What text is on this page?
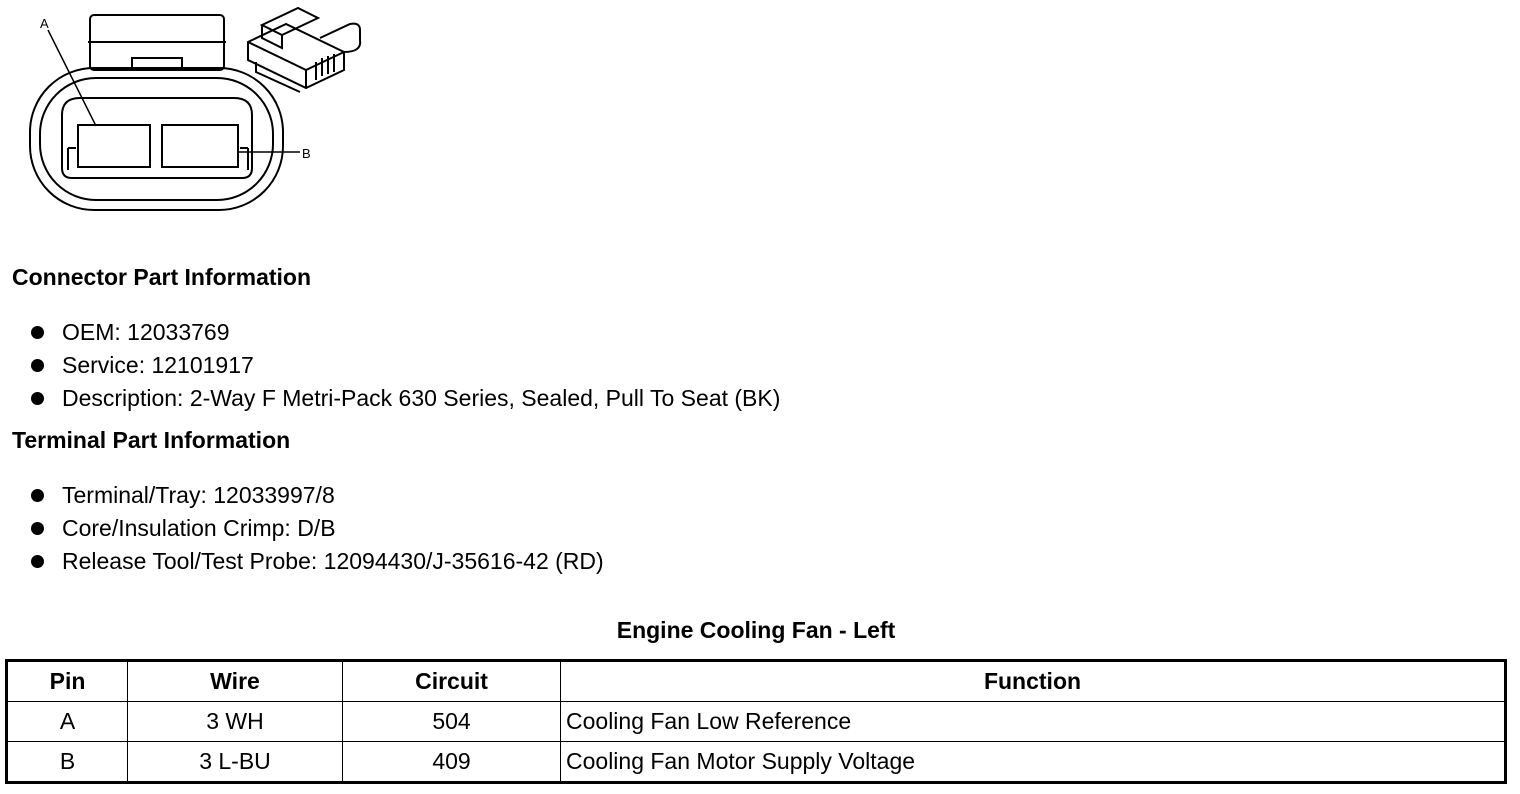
A
B
Connector Part Information
OEM: 12033769
Service: 12101917
Description: 2-Way F Metri-Pack 630 Series, Sealed, Pull To Seat (BK)
Terminal Part Information
Terminal/Tray: 12033997/8
Core/Insulation Crimp: D/B
Release Tool/Test Probe: 12094430/J-35616-42 (RD)
Engine Cooling Fan - Left
Pin	Wire	Circuit	Function
A	3 WH	504	Cooling Fan Low Reference
B	3 L-BU	409	Cooling Fan Motor Supply Voltage
